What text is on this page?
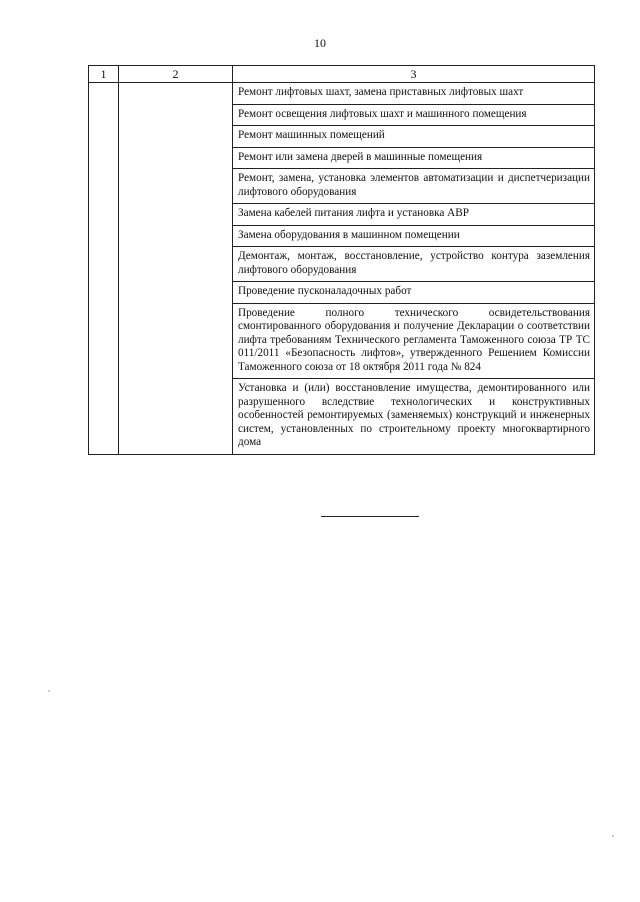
10
1	2	3
		Ремонт лифтовых шахт, замена приставных лифтовых шахт
		Ремонт освещения лифтовых шахт и машинного помещения
		Ремонт машинных помещений
		Ремонт или замена дверей в машинные помещения
		Ремонт, замена, установка элементов автоматизации и диспетчеризации лифтового оборудования
		Замена кабелей питания лифта и установка АВР
		Замена оборудования в машинном помещении
		Демонтаж, монтаж, восстановление, устройство контура заземления лифтового оборудования
		Проведение пусконаладочных работ
		Проведение полного технического освидетельствования смонтированного оборудования и получение Декларации о соответствии лифта требованиям Технического регламента Таможенного союза ТР ТС 011/2011 «Безопасность лифтов», утвержденного Решением Комиссии Таможенного союза от 18 октября 2011 года № 824
		Установка и (или) восстановление имущества, демонтированного или разрушенного вследствие технологических и конструктивных особенностей ремонтируемых (заменяемых) конструкций и инженерных систем, установленных по строительному проекту многоквартирного дома
